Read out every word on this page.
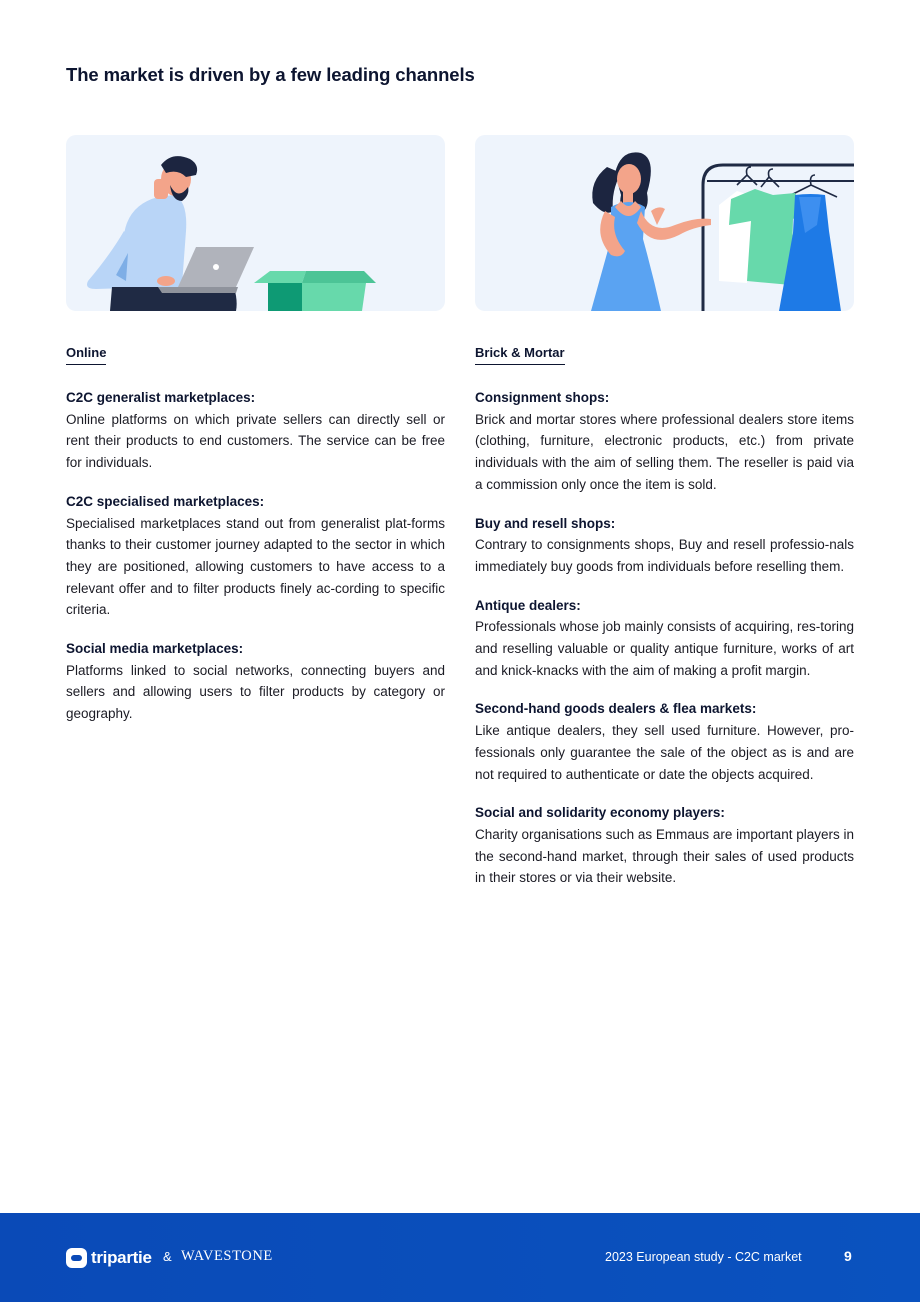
The market is driven by a few leading channels
Online
C2C generalist marketplaces:

Online platforms on which private sellers can directly sell or rent their products to end customers. The service can be free for individuals.

C2C specialised marketplaces:

Specialised marketplaces stand out from generalist plat-forms thanks to their customer journey adapted to the sector in which they are positioned, allowing customers to have access to a relevant offer and to filter products finely ac-cording to specific criteria.

Social media marketplaces:

Platforms linked to social networks, connecting buyers and sellers and allowing users to filter products by category or geography.

Brick & Mortar
Consignment shops:

Brick and mortar stores where professional dealers store items (clothing, furniture, electronic products, etc.) from private individuals with the aim of selling them. The reseller is paid via a commission only once the item is sold.

Buy and resell shops:

Contrary to consignments shops, Buy and resell professio-nals immediately buy goods from individuals before reselling them.

Antique dealers:

Professionals whose job mainly consists of acquiring, res-toring and reselling valuable or quality antique furniture, works of art and knick-knacks with the aim of making a profit margin.

Second-hand goods dealers & flea markets:

Like antique dealers, they sell used furniture. However, pro-fessionals only guarantee the sale of the object as is and are not required to authenticate or date the objects acquired.

Social and solidarity economy players:

Charity organisations such as Emmaus are important players in the second-hand market, through their sales of used products in their stores or via their website.

tripartie & WAVESTONE	2023 European study - C2C market	9
